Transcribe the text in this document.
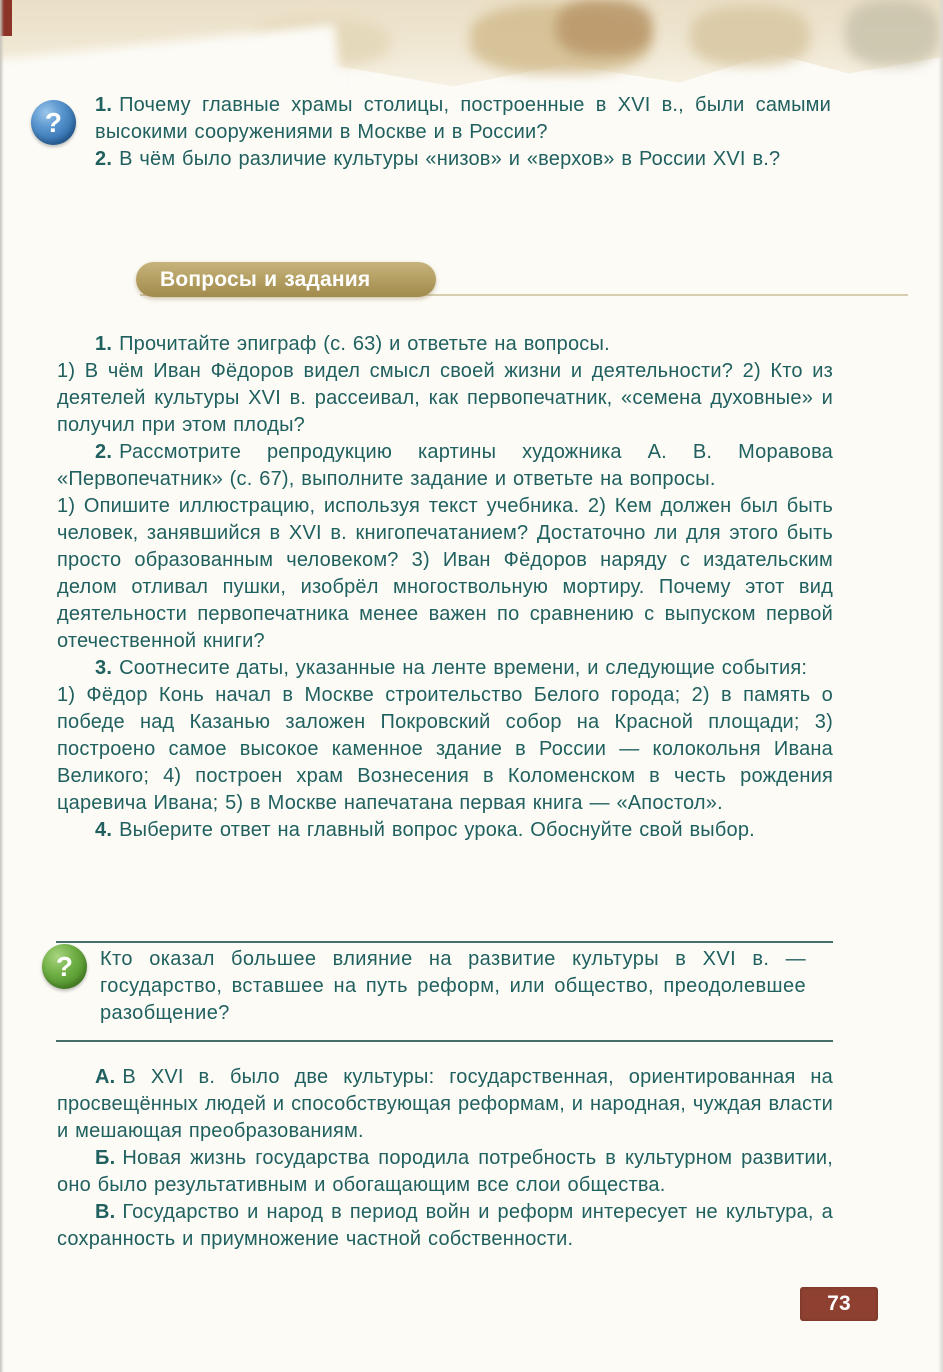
?

1. Почему главные храмы столицы, построенные в XVI в., были самыми высокими сооружениями в Москве и в России?

2. В чём было различие культуры «низов» и «верхов» в России XVI в.?

Вопросы и задания

1. Прочитайте эпиграф (с. 63) и ответьте на вопросы.

1) В чём Иван Фёдоров видел смысл своей жизни и деятельности? 2) Кто из деятелей культуры XVI в. рассеивал, как первопечатник, «семена духовные» и получил при этом плоды?

2. Рассмотрите репродукцию картины художника А. В. Моравова «Первопечатник» (с. 67), выполните задание и ответьте на вопросы.

1) Опишите иллюстрацию, используя текст учебника. 2) Кем должен был быть человек, занявшийся в XVI в. книгопечатанием? Достаточно ли для этого быть просто образованным человеком? 3) Иван Фёдоров наряду с издательским делом отливал пушки, изобрёл многоствольную мортиру. Почему этот вид деятельности первопечатника менее важен по сравнению с выпуском первой отечественной книги?

3. Соотнесите даты, указанные на ленте времени, и следующие события:

1) Фёдор Конь начал в Москве строительство Белого города; 2) в память о победе над Казанью заложен Покровский собор на Красной площади; 3) построено самое высокое каменное здание в России — колокольня Ивана Великого; 4) построен храм Вознесения в Коломенском в честь рождения царевича Ивана; 5) в Москве напечатана первая книга — «Апостол».

4. Выберите ответ на главный вопрос урока. Обоснуйте свой выбор.

? Кто оказал большее влияние на развитие культуры в XVI в. — государство, вставшее на путь реформ, или общество, преодолевшее разобщение?

А. В XVI в. было две культуры: государственная, ориентированная на просвещённых людей и способствующая реформам, и народная, чуждая власти и мешающая преобразованиям.

Б. Новая жизнь государства породила потребность в культурном развитии, оно было результативным и обогащающим все слои общества.

В. Государство и народ в период войн и реформ интересует не культура, а сохранность и приумножение частной собственности.

73
